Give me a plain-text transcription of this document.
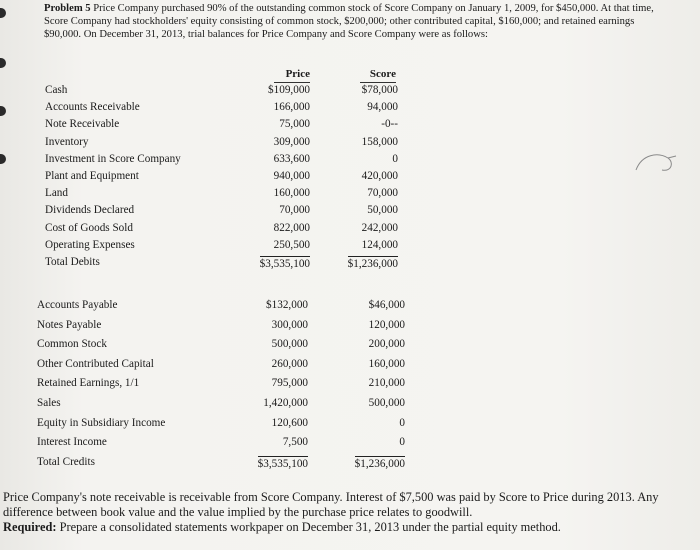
Problem 5 Price Company purchased 90% of the outstanding common stock of Score Company on January 1, 2009, for $450,000. At that time, Score Company had stockholders' equity consisting of common stock, $200,000; other contributed capital, $160,000; and retained earnings $90,000. On December 31, 2013, trial balances for Price Company and Score Company were as follows:
Price	Score
Cash	$109,000	$78,000
Accounts Receivable	166,000	94,000
Note Receivable	75,000	-0--
Inventory	309,000	158,000
Investment in Score Company	633,600	0
Plant and Equipment	940,000	420,000
Land	160,000	70,000
Dividends Declared	70,000	50,000
Cost of Goods Sold	822,000	242,000
Operating Expenses	250,500	124,000
Total Debits	$3,535,100	$1,236,000
Accounts Payable	$132,000	$46,000
Notes Payable	300,000	120,000
Common Stock	500,000	200,000
Other Contributed Capital	260,000	160,000
Retained Earnings, 1/1	795,000	210,000
Sales	1,420,000	500,000
Equity in Subsidiary Income	120,600	0
Interest Income	7,500	0
Total Credits	$3,535,100	$1,236,000
Price Company's note receivable is receivable from Score Company. Interest of $7,500 was paid by Score to Price during 2013. Any difference between book value and the value implied by the purchase price relates to goodwill.
Required: Prepare a consolidated statements workpaper on December 31, 2013 under the partial equity method.
